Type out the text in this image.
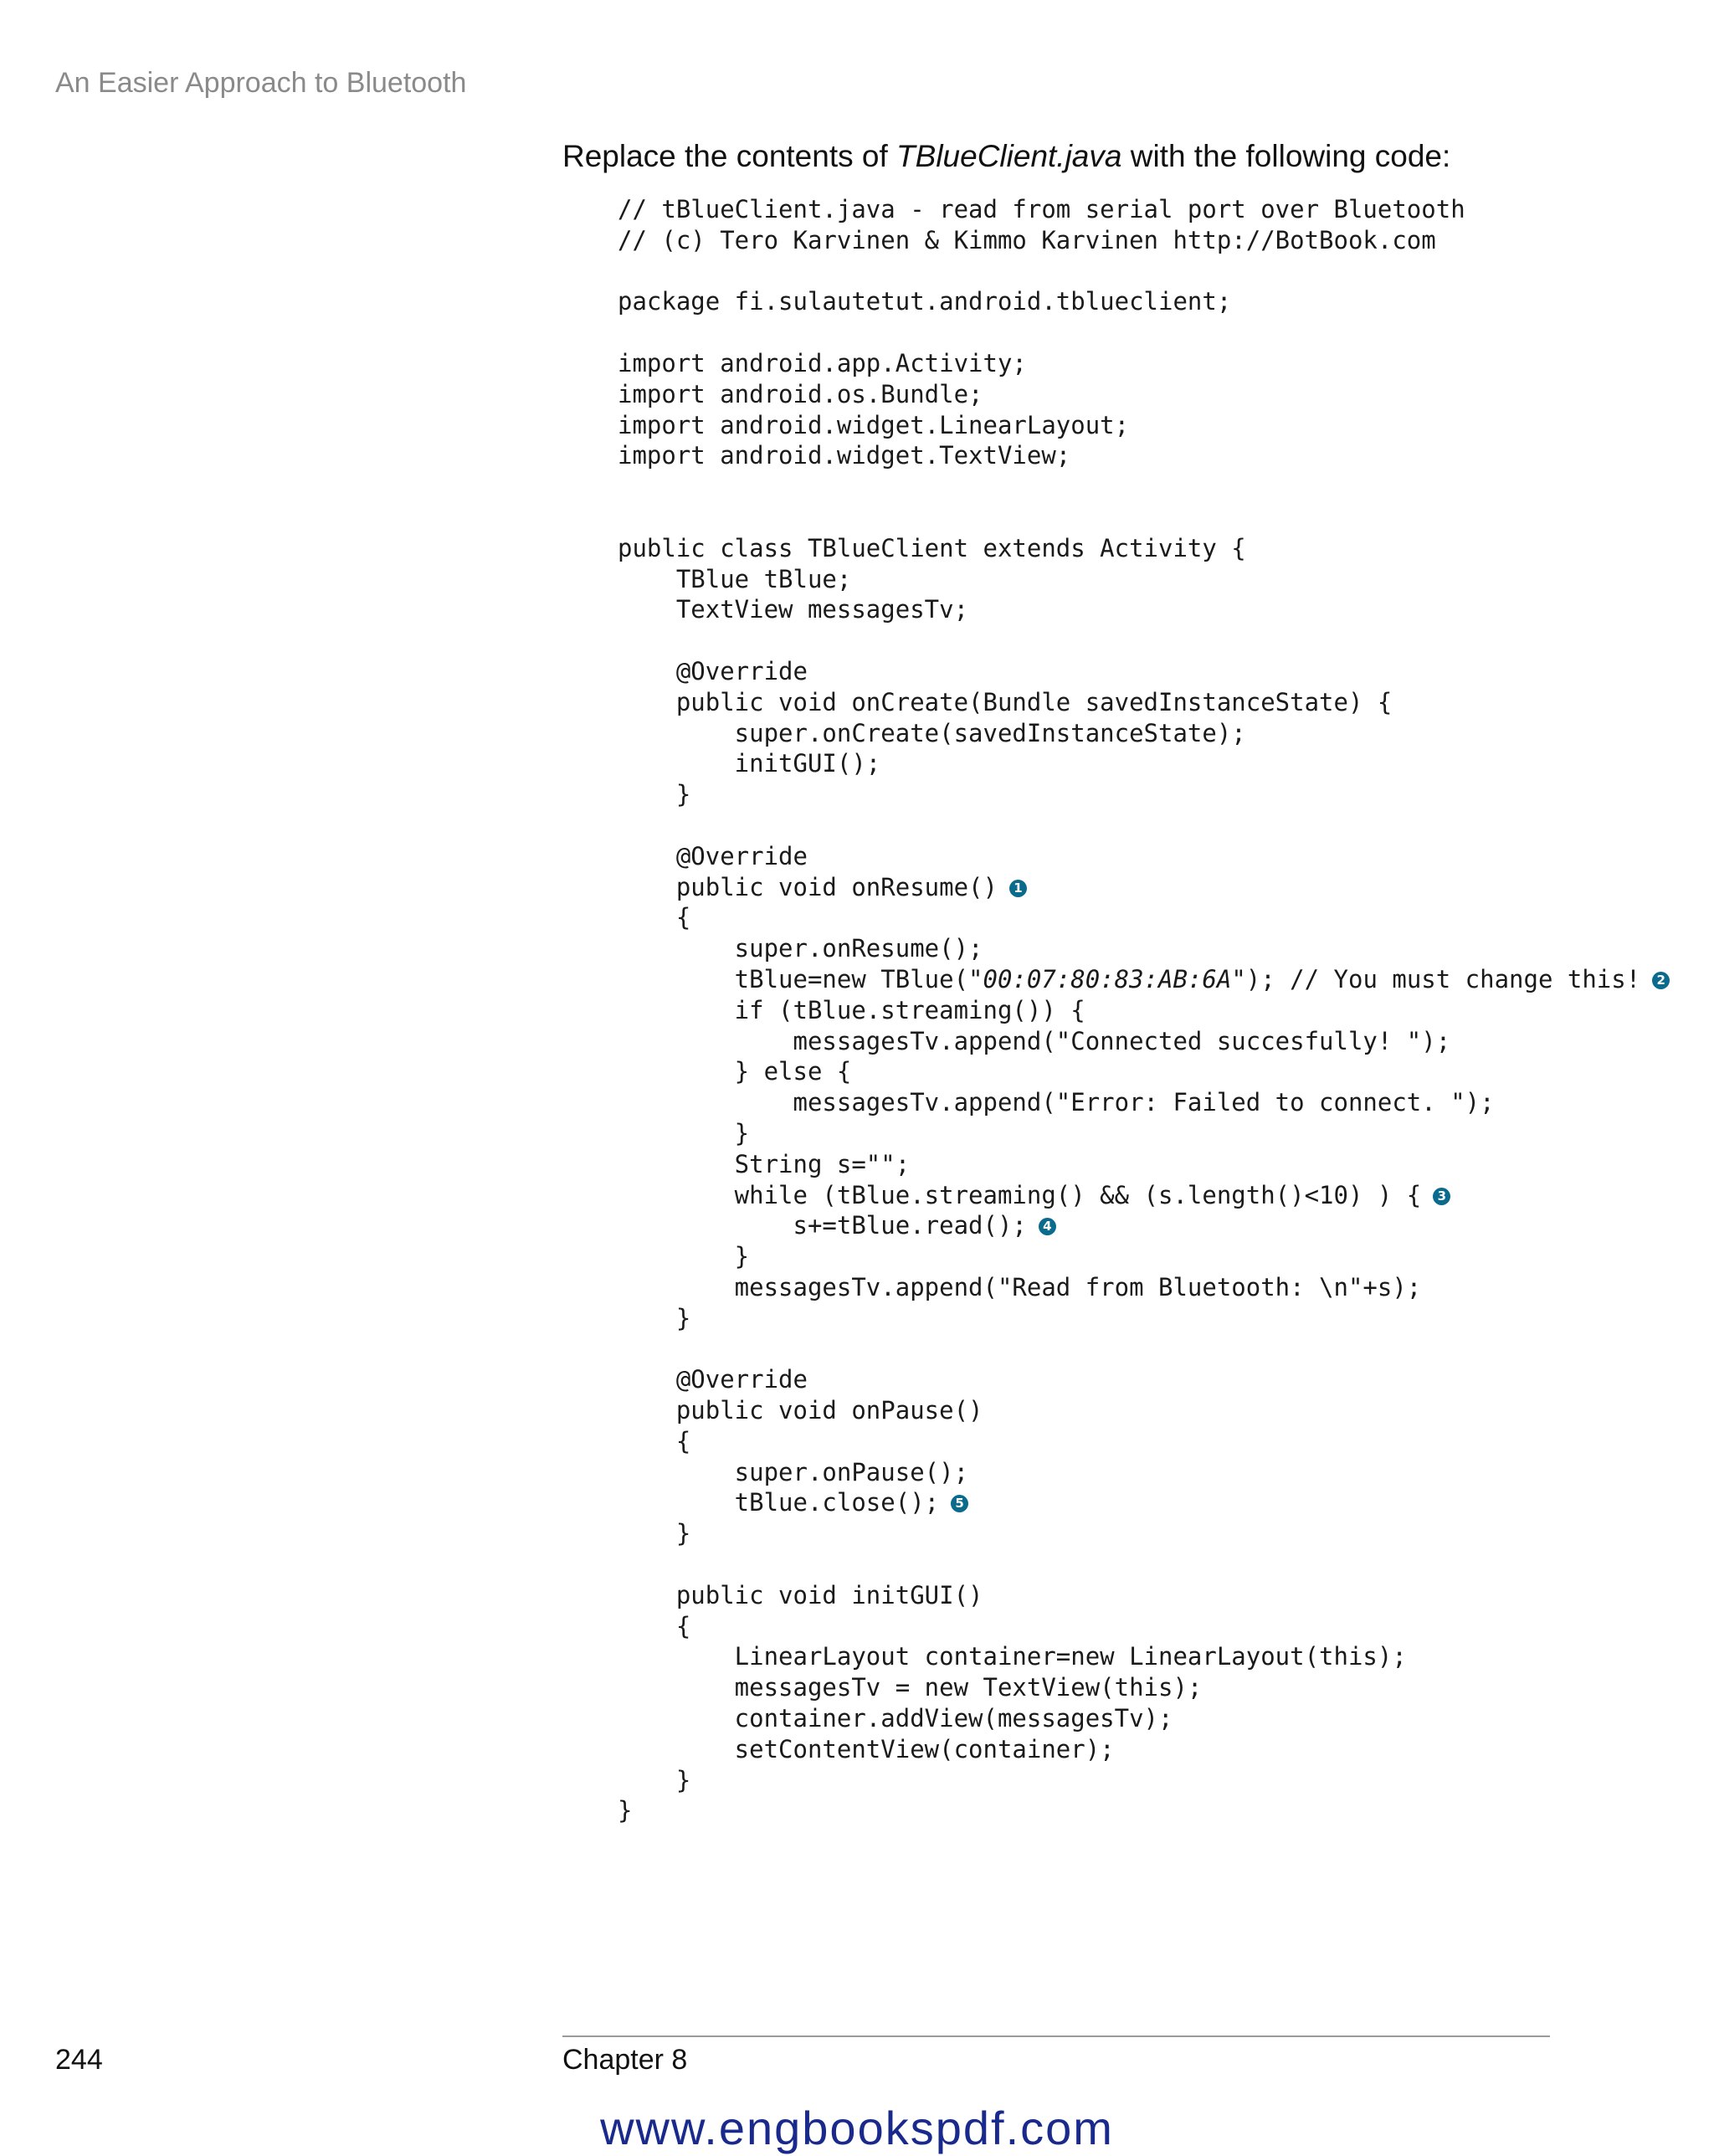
An Easier Approach to Bluetooth
Replace the contents of TBlueClient.java with the following code:
// tBlueClient.java - read from serial port over Bluetooth
// (c) Tero Karvinen & Kimmo Karvinen http://BotBook.com
package fi.sulautetut.android.tblueclient;
import android.app.Activity;
import android.os.Bundle;
import android.widget.LinearLayout;
import android.widget.TextView;
public class TBlueClient extends Activity {
TBlue tBlue;
TextView messagesTv;
@Override
public void onCreate(Bundle savedInstanceState) {
super.onCreate(savedInstanceState);
initGUI();
}
@Override
public void onResume() 1
{
super.onResume();
tBlue=new TBlue("00:07:80:83:AB:6A"); // You must change this! 2
if (tBlue.streaming()) {
messagesTv.append("Connected succesfully! ");
} else {
messagesTv.append("Error: Failed to connect. ");
}
String s="";
while (tBlue.streaming() && (s.length()<10) ) { 3
s+=tBlue.read(); 4
}
messagesTv.append("Read from Bluetooth: \n"+s);
}
@Override
public void onPause()
{
super.onPause();
tBlue.close(); 5
}
public void initGUI()
{
LinearLayout container=new LinearLayout(this);
messagesTv = new TextView(this);
container.addView(messagesTv);
setContentView(container);
}
}
244	Chapter 8
www.engbookspdf.com
